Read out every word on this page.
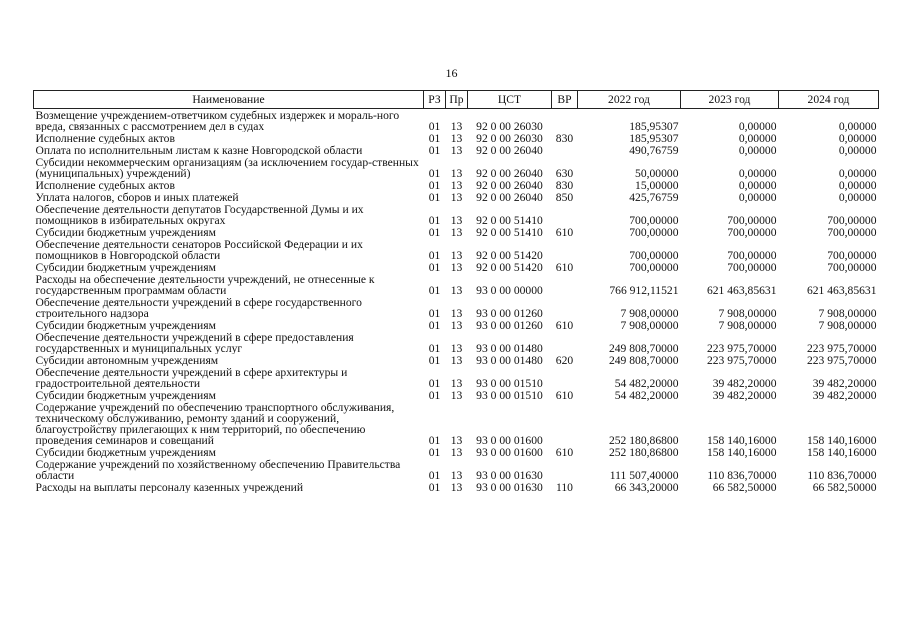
16
Наименование	РЗ	Пр	ЦСТ	ВР	2022 год	2023 год	2024 год
Возмещение учреждением-ответчиком судебных издержек и мораль-ного вреда, связанных с рассмотрением дел в судах	01	13	92 0 00 26030		185,95307	0,00000	0,00000
Исполнение судебных актов	01	13	92 0 00 26030	830	185,95307	0,00000	0,00000
Оплата по исполнительным листам к казне Новгородской области	01	13	92 0 00 26040		490,76759	0,00000	0,00000
Субсидии некоммерческим организациям (за исключением государ-ственных (муниципальных) учреждений)	01	13	92 0 00 26040	630	50,00000	0,00000	0,00000
Исполнение судебных актов	01	13	92 0 00 26040	830	15,00000	0,00000	0,00000
Уплата налогов, сборов и иных платежей	01	13	92 0 00 26040	850	425,76759	0,00000	0,00000
Обеспечение деятельности депутатов Государственной Думы и их помощников в избирательных округах	01	13	92 0 00 51410		700,00000	700,00000	700,00000
Субсидии бюджетным учреждениям	01	13	92 0 00 51410	610	700,00000	700,00000	700,00000
Обеспечение деятельности сенаторов Российской Федерации и их помощников в Новгородской области	01	13	92 0 00 51420		700,00000	700,00000	700,00000
Субсидии бюджетным учреждениям	01	13	92 0 00 51420	610	700,00000	700,00000	700,00000
Расходы на обеспечение деятельности учреждений, не отнесенные к государственным программам области	01	13	93 0 00 00000		766 912,11521	621 463,85631	621 463,85631
Обеспечение деятельности учреждений в сфере государственного строительного надзора	01	13	93 0 00 01260		7 908,00000	7 908,00000	7 908,00000
Субсидии бюджетным учреждениям	01	13	93 0 00 01260	610	7 908,00000	7 908,00000	7 908,00000
Обеспечение деятельности учреждений в сфере предоставления государственных и муниципальных услуг	01	13	93 0 00 01480		249 808,70000	223 975,70000	223 975,70000
Субсидии автономным учреждениям	01	13	93 0 00 01480	620	249 808,70000	223 975,70000	223 975,70000
Обеспечение деятельности учреждений в сфере архитектуры и градостроительной деятельности	01	13	93 0 00 01510		54 482,20000	39 482,20000	39 482,20000
Субсидии бюджетным учреждениям	01	13	93 0 00 01510	610	54 482,20000	39 482,20000	39 482,20000
Содержание учреждений по обеспечению транспортного обслуживания, техническому обслуживанию, ремонту зданий и сооружений, благоустройству прилегающих к ним территорий, по обеспечению проведения семинаров и совещаний	01	13	93 0 00 01600		252 180,86800	158 140,16000	158 140,16000
Субсидии бюджетным учреждениям	01	13	93 0 00 01600	610	252 180,86800	158 140,16000	158 140,16000
Содержание учреждений по хозяйственному обеспечению Правительства области	01	13	93 0 00 01630		111 507,40000	110 836,70000	110 836,70000
Расходы на выплаты персоналу казенных учреждений	01	13	93 0 00 01630	110	66 343,20000	66 582,50000	66 582,50000
